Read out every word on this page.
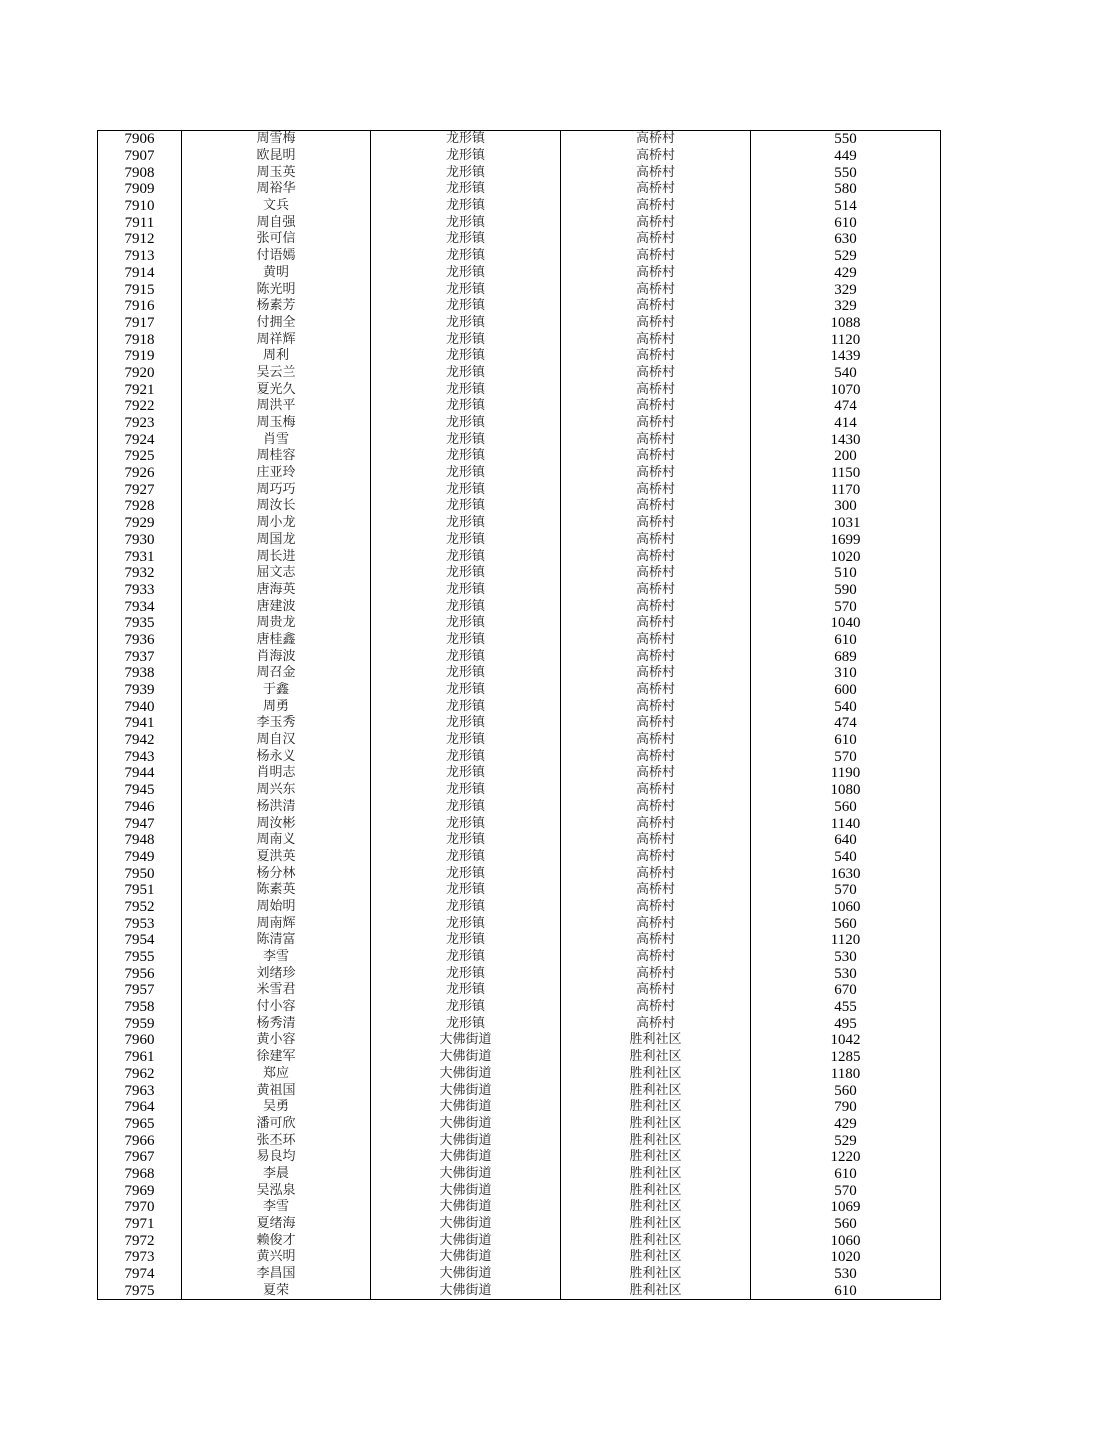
7906	周雪梅	龙形镇	高桥村	550
7907	欧昆明	龙形镇	高桥村	449
7908	周玉英	龙形镇	高桥村	550
7909	周裕华	龙形镇	高桥村	580
7910	文兵	龙形镇	高桥村	514
7911	周自强	龙形镇	高桥村	610
7912	张可信	龙形镇	高桥村	630
7913	付语嫣	龙形镇	高桥村	529
7914	黄明	龙形镇	高桥村	429
7915	陈光明	龙形镇	高桥村	329
7916	杨素芳	龙形镇	高桥村	329
7917	付拥全	龙形镇	高桥村	1088
7918	周祥辉	龙形镇	高桥村	1120
7919	周利	龙形镇	高桥村	1439
7920	吴云兰	龙形镇	高桥村	540
7921	夏光久	龙形镇	高桥村	1070
7922	周洪平	龙形镇	高桥村	474
7923	周玉梅	龙形镇	高桥村	414
7924	肖雪	龙形镇	高桥村	1430
7925	周桂容	龙形镇	高桥村	200
7926	庄亚玲	龙形镇	高桥村	1150
7927	周巧巧	龙形镇	高桥村	1170
7928	周汝长	龙形镇	高桥村	300
7929	周小龙	龙形镇	高桥村	1031
7930	周国龙	龙形镇	高桥村	1699
7931	周长进	龙形镇	高桥村	1020
7932	屈文志	龙形镇	高桥村	510
7933	唐海英	龙形镇	高桥村	590
7934	唐建波	龙形镇	高桥村	570
7935	周贵龙	龙形镇	高桥村	1040
7936	唐桂鑫	龙形镇	高桥村	610
7937	肖海波	龙形镇	高桥村	689
7938	周召金	龙形镇	高桥村	310
7939	于鑫	龙形镇	高桥村	600
7940	周勇	龙形镇	高桥村	540
7941	李玉秀	龙形镇	高桥村	474
7942	周自汉	龙形镇	高桥村	610
7943	杨永义	龙形镇	高桥村	570
7944	肖明志	龙形镇	高桥村	1190
7945	周兴东	龙形镇	高桥村	1080
7946	杨洪清	龙形镇	高桥村	560
7947	周汝彬	龙形镇	高桥村	1140
7948	周南义	龙形镇	高桥村	640
7949	夏洪英	龙形镇	高桥村	540
7950	杨分林	龙形镇	高桥村	1630
7951	陈素英	龙形镇	高桥村	570
7952	周始明	龙形镇	高桥村	1060
7953	周南辉	龙形镇	高桥村	560
7954	陈清富	龙形镇	高桥村	1120
7955	李雪	龙形镇	高桥村	530
7956	刘绪珍	龙形镇	高桥村	530
7957	米雪君	龙形镇	高桥村	670
7958	付小容	龙形镇	高桥村	455
7959	杨秀清	龙形镇	高桥村	495
7960	黄小容	大佛街道	胜利社区	1042
7961	徐建军	大佛街道	胜利社区	1285
7962	郑应	大佛街道	胜利社区	1180
7963	黄祖国	大佛街道	胜利社区	560
7964	吴勇	大佛街道	胜利社区	790
7965	潘可欣	大佛街道	胜利社区	429
7966	张丕环	大佛街道	胜利社区	529
7967	易良均	大佛街道	胜利社区	1220
7968	李晨	大佛街道	胜利社区	610
7969	吴泓泉	大佛街道	胜利社区	570
7970	李雪	大佛街道	胜利社区	1069
7971	夏绪海	大佛街道	胜利社区	560
7972	赖俊才	大佛街道	胜利社区	1060
7973	黄兴明	大佛街道	胜利社区	1020
7974	李昌国	大佛街道	胜利社区	530
7975	夏荣	大佛街道	胜利社区	610
